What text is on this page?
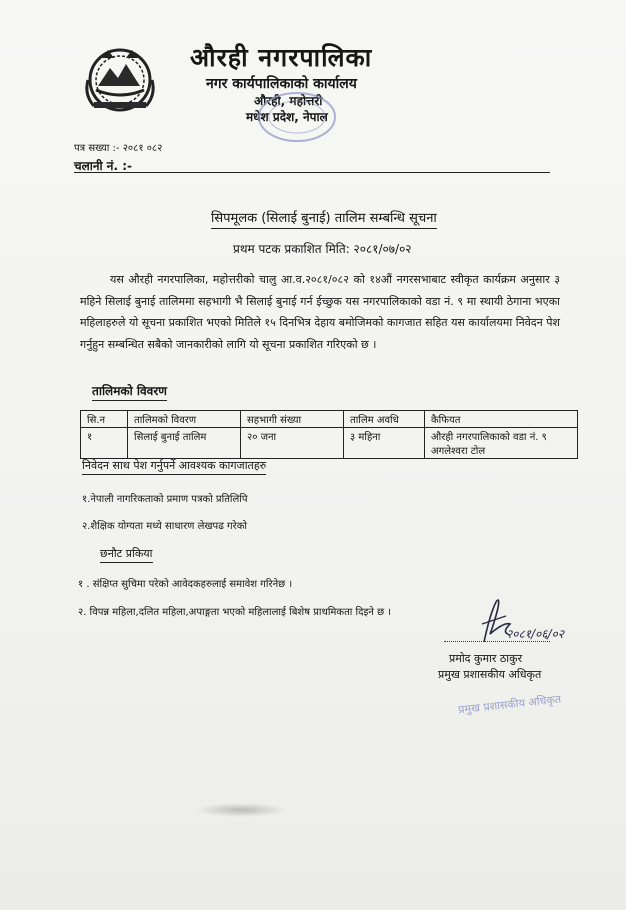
औरही नगरपालिका
नगर कार्यपालिकाको कार्यालय
औरही, महोत्तरी
मधेश प्रदेश, नेपाल
पत्र सख्या :- २०८१ ०८२
चलानी नं. :-
सिपमूलक (सिलाई बुनाई) तालिम सम्बन्धि सूचना
प्रथम पटक प्रकाशित मिति: २०८१/०७/०२
यस औरही नगरपालिका, महोत्तरीको चालु आ.व.२०८१/०८२ को १४औं नगरसभाबाट स्वीकृत कार्यक्रम अनुसार ३ महिने सिलाई बुनाई तालिममा सहभागी भै सिलाई बुनाई गर्न ईच्छुक यस नगरपालिकाको वडा नं. ९ मा स्थायी ठेगाना भएका महिलाहरुले यो सूचना प्रकाशित भएको मितिले १५ दिनभित्र देहाय बमोजिमको कागजात सहित यस कार्यालयमा निवेदन पेश गर्नुहुन सम्बन्धित सबैको जानकारीको लागि यो सूचना प्रकाशित गरिएको छ ।
तालिमको विवरण
सि.न	तालिमको विवरण	सहभागी संख्या	तालिम अवधि	कैफियत
१	सिलाई बुनाई तालिम	२० जना	३ महिना	औरही नगरपालिकाको वडा नं. ९ अगलेश्वरा टोल
निवेदन साथ पेश गर्नुपर्ने आवश्यक कागजातहरु
१.नेपाली नागरिकताको प्रमाण पत्रको प्रतिलिपि
२.शैक्षिक योग्यता मध्ये साधारण लेखपढ गरेको
छनौट प्रकिया
१ . संक्षिप्त सुचिमा परेको आवेदकहरुलाई समावेश गरिनेछ ।
२. विपन्न महिला,दलित महिला,अपाङ्गता भएको महिलालाई बिशेष प्राथमिकता दिइने छ ।
२०८१/०६/०२
प्रमोद कुमार ठाकुर
प्रमुख प्रशासकीय अधिकृत
प्रमुख प्रशासकीय अधिकृत
